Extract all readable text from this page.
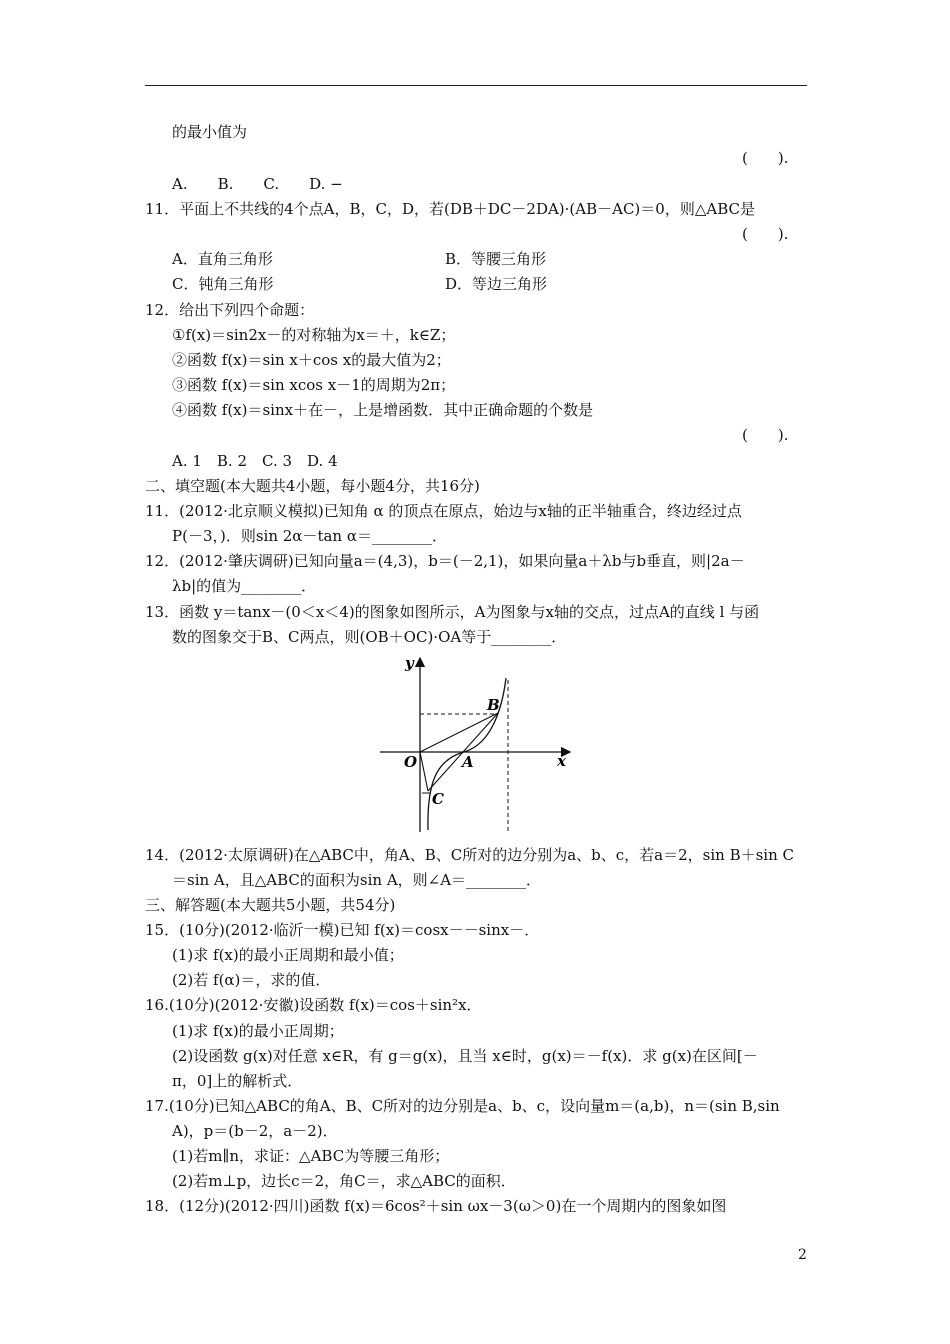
的最小值为
(　　).
A.　　B.　　C.　　D. −
11．平面上不共线的4个点A，B，C，D，若(DB＋DC－2DA)·(AB－AC)＝0，则△ABC是
(　　).
A．直角三角形	B．等腰三角形
C．钝角三角形	D．等边三角形
12．给出下列四个命题：
①f(x)＝sin2x－的对称轴为x＝＋，k∈Z；
②函数 f(x)＝sin x＋cos x的最大值为2；
③函数 f(x)＝sin xcos x－1的周期为2π；
④函数 f(x)＝sinx＋在－，上是增函数．其中正确命题的个数是
(　　).
A. 1　B. 2　C. 3　D. 4
二、填空题(本大题共4小题，每小题4分，共16分)
11．(2012·北京顺义模拟)已知角 α 的顶点在原点，始边与x轴的正半轴重合，终边经过点
P(－3，)．则sin 2α－tan α＝________．
12．(2012·肇庆调研)已知向量a＝(4,3)，b＝(－2,1)，如果向量a＋λb与b垂直，则|2a－
λb|的值为________．
13．函数 y＝tanx－(0＜x＜4)的图象如图所示，A为图象与x轴的交点，过点A的直线 l 与函
数的图象交于B、C两点，则(OB＋OC)·OA等于________．
y
x
O	A
B
C
14．(2012·太原调研)在△ABC中，角A、B、C所对的边分别为a、b、c，若a＝2，sin B＋sin C
＝sin A，且△ABC的面积为sin A，则∠A＝________．
三、解答题(本大题共5小题，共54分)
15．(10分)(2012·临沂一模)已知 f(x)＝cosx－－sinx－．
(1)求 f(x)的最小正周期和最小值；
(2)若 f(α)＝，求的值．
16.(10分)(2012·安徽)设函数 f(x)＝cos＋sin²x．
(1)求 f(x)的最小正周期；
(2)设函数 g(x)对任意 x∈R，有 g＝g(x)，且当 x∈时，g(x)＝－f(x)．求 g(x)在区间[－
π，0]上的解析式．
17.(10分)已知△ABC的角A、B、C所对的边分别是a、b、c，设向量m＝(a,b)，n＝(sin B,sin
A)，p＝(b－2，a－2)．
(1)若m∥n，求证：△ABC为等腰三角形；
(2)若m⊥p，边长c＝2，角C＝，求△ABC的面积．
18．(12分)(2012·四川)函数 f(x)＝6cos²＋sin ωx－3(ω＞0)在一个周期内的图象如图
2
